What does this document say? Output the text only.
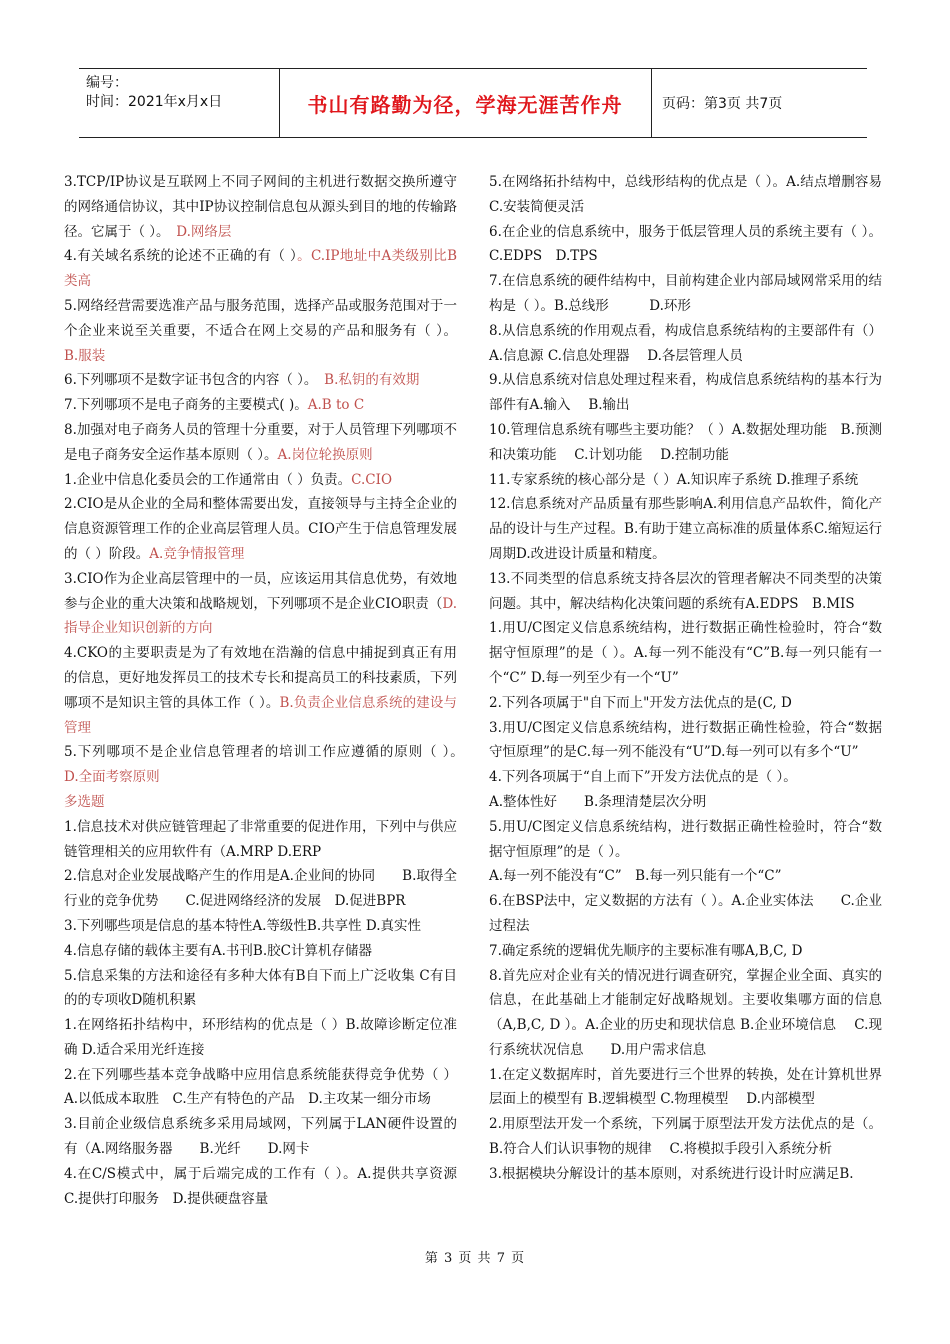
编号：
时间：2021年x月x日	书山有路勤为径，学海无涯苦作舟	页码：第3页 共7页

3.TCP/IP协议是互联网上不同子网间的主机进行数据交换所遵守的网络通信协议，其中IP协议控制信息包从源头到目的地的传输路径。它属于（ ）。　D.网络层

4.有关域名系统的论述不正确的有（ ）。C.IP地址中A类级别比B类高

5.网络经营需要选准产品与服务范围，选择产品或服务范围对于一个企业来说至关重要，不适合在网上交易的产品和服务有（ ）。 B.服装

6.下列哪项不是数字证书包含的内容（ ）。　B.私钥的有效期

7.下列哪项不是电子商务的主要模式( )。A.B to C

8.加强对电子商务人员的管理十分重要，对于人员管理下列哪项不是电子商务安全运作基本原则（ ）。A.岗位轮换原则

1.企业中信息化委员会的工作通常由（ ）负责。C.CIO

2.CIO是从企业的全局和整体需要出发，直接领导与主持全企业的信息资源管理工作的企业高层管理人员。CIO产生于信息管理发展的（ ）阶段。A.竞争情报管理

3.CIO作为企业高层管理中的一员，应该运用其信息优势，有效地参与企业的重大决策和战略规划，下列哪项不是企业CIO职责（D.指导企业知识创新的方向

4.CKO的主要职责是为了有效地在浩瀚的信息中捕捉到真正有用的信息，更好地发挥员工的技术专长和提高员工的科技素质，下列哪项不是知识主管的具体工作（ ）。B.负责企业信息系统的建设与管理

5.下列哪项不是企业信息管理者的培训工作应遵循的原则（ ）。　D.全面考察原则

多选题

1.信息技术对供应链管理起了非常重要的促进作用，下列中与供应链管理相关的应用软件有（A.MRP D.ERP

2.信息对企业发展战略产生的作用是A.企业间的协同　　B.取得全行业的竞争优势　　C.促进网络经济的发展　D.促进BPR

3.下列哪些项是信息的基本特性A.等级性B.共享性 D.真实性

4.信息存储的载体主要有A.书刊B.胶C计算机存储器

5.信息采集的方法和途径有多种大体有B自下而上广泛收集 C有目的的专项收D随机积累

1.在网络拓扑结构中，环形结构的优点是（ ）B.故障诊断定位准确 D.适合采用光纤连接

2.在下列哪些基本竞争战略中应用信息系统能获得竞争优势（ ）A.以低成本取胜　C.生产有特色的产品　D.主攻某一细分市场

3.目前企业级信息系统多采用局域网，下列属于LAN硬件设置的有（A.网络服务器　　B.光纤　　D.网卡

4.在C/S模式中，属于后端完成的工作有（ ）。A.提供共享资源　　C.提供打印服务　D.提供硬盘容量

5.在网络拓扑结构中，总线形结构的优点是（ ）。A.结点增删容易　C.安装简便灵活

6.在企业的信息系统中，服务于低层管理人员的系统主要有（ ）。C.EDPS　D.TPS

7.在信息系统的硬件结构中，目前构建企业内部局域网常采用的结构是（ ）。B.总线形　　　D.环形

8.从信息系统的作用观点看，构成信息系统结构的主要部件有（）A.信息源 C.信息处理器　 D.各层管理人员

9.从信息系统对信息处理过程来看，构成信息系统结构的基本行为部件有A.输入　 B.输出

10.管理信息系统有哪些主要功能？（ ）A.数据处理功能　B.预测和决策功能　 C.计划功能　 D.控制功能

11.专家系统的核心部分是（ ）A.知识库子系统 D.推理子系统

12.信息系统对产品质量有那些影响A.利用信息产品软件，简化产品的设计与生产过程。B.有助于建立高标准的质量体系C.缩短运行周期D.改进设计质量和精度。

13.不同类型的信息系统支持各层次的管理者解决不同类型的决策问题。其中，解决结构化决策问题的系统有A.EDPS　B.MIS

1.用U/C图定义信息系统结构，进行数据正确性检验时，符合“数据守恒原理”的是（ ）。A.每一列不能没有“C”B.每一列只能有一个“C” D.每一列至少有一个“U”

2.下列各项属于"自下而上"开发方法优点的是(C, D

3.用U/C图定义信息系统结构，进行数据正确性检验，符合“数据守恒原理”的是C.每一列不能没有“U”D.每一列可以有多个“U”

4.下列各项属于“自上而下”开发方法优点的是（ ）。

A.整体性好　　B.条理清楚层次分明

5.用U/C图定义信息系统结构，进行数据正确性检验时，符合“数据守恒原理”的是（ ）。

A.每一列不能没有“C”　B.每一列只能有一个“C”

6.在BSP法中，定义数据的方法有（ ）。A.企业实体法　　C.企业过程法

7.确定系统的逻辑优先顺序的主要标准有哪A,B,C, D

8.首先应对企业有关的情况进行调查研究，掌握企业全面、真实的信息，在此基础上才能制定好战略规划。主要收集哪方面的信息（A,B,C, D ）。A.企业的历史和现状信息 B.企业环境信息　 C.现行系统状况信息　　D.用户需求信息

1.在定义数据库时，首先要进行三个世界的转换，处在计算机世界层面上的模型有 B.逻辑模型 C.物理模型　 D.内部模型

2.用原型法开发一个系统，下列属于原型法开发方法优点的是（。B.符合人们认识事物的规律　 C.将模拟手段引入系统分析

3.根据模块分解设计的基本原则，对系统进行设计时应满足B.

第 3 页 共 7 页
